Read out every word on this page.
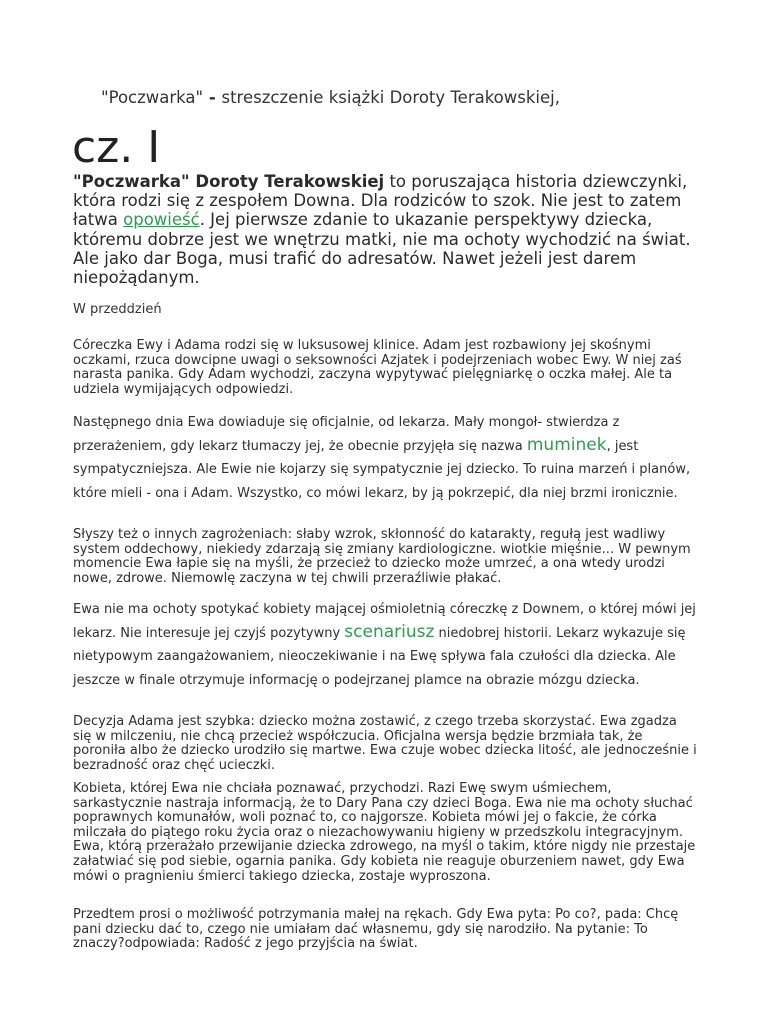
"Poczwarka" - streszczenie książki Doroty Terakowskiej,
cz. I

"Poczwarka" Doroty Terakowskiej to poruszająca historia dziewczynki, która rodzi się z zespołem Downa. Dla rodziców to szok. Nie jest to zatem łatwa opowieść. Jej pierwsze zdanie to ukazanie perspektywy dziecka, któremu dobrze jest we wnętrzu matki, nie ma ochoty wychodzić na świat. Ale jako dar Boga, musi trafić do adresatów. Nawet jeżeli jest darem niepożądanym.

W przeddzień

Córeczka Ewy i Adama rodzi się w luksusowej klinice. Adam jest rozbawiony jej skośnymi oczkami, rzuca dowcipne uwagi o seksowności Azjatek i podejrzeniach wobec Ewy. W niej zaś narasta panika. Gdy Adam wychodzi, zaczyna wypytywać pielęgniarkę o oczka małej. Ale ta udziela wymijających odpowiedzi.

Następnego dnia Ewa dowiaduje się oficjalnie, od lekarza. Mały mongoł- stwierdza z przerażeniem, gdy lekarz tłumaczy jej, że obecnie przyjęła się nazwa muminek, jest sympatyczniejsza. Ale Ewie nie kojarzy się sympatycznie jej dziecko. To ruina marzeń i planów, które mieli - ona i Adam. Wszystko, co mówi lekarz, by ją pokrzepić, dla niej brzmi ironicznie.

Słyszy też o innych zagrożeniach: słaby wzrok, skłonność do katarakty, regułą jest wadliwy system oddechowy, niekiedy zdarzają się zmiany kardiologiczne. wiotkie mięśnie... W pewnym momencie Ewa łapie się na myśli, że przecież to dziecko może umrzeć, a ona wtedy urodzi nowe, zdrowe. Niemowlę zaczyna w tej chwili przeraźliwie płakać.

Ewa nie ma ochoty spotykać kobiety mającej ośmioletnią córeczkę z Downem, o której mówi jej lekarz. Nie interesuje jej czyjś pozytywny scenariusz niedobrej historii. Lekarz wykazuje się nietypowym zaangażowaniem, nieoczekiwanie i na Ewę spływa fala czułości dla dziecka. Ale jeszcze w finale otrzymuje informację o podejrzanej plamce na obrazie mózgu dziecka.

Decyzja Adama jest szybka: dziecko można zostawić, z czego trzeba skorzystać. Ewa zgadza się w milczeniu, nie chcą przecież współczucia. Oficjalna wersja będzie brzmiała tak, że poroniła albo że dziecko urodziło się martwe. Ewa czuje wobec dziecka litość, ale jednocześnie i bezradność oraz chęć ucieczki.

Kobieta, której Ewa nie chciała poznawać, przychodzi. Razi Ewę swym uśmiechem, sarkastycznie nastraja informacją, że to Dary Pana czy dzieci Boga. Ewa nie ma ochoty słuchać poprawnych komunałów, woli poznać to, co najgorsze. Kobieta mówi jej o fakcie, że córka milczała do piątego roku życia oraz o niezachowywaniu higieny w przedszkolu integracyjnym. Ewa, którą przerażało przewijanie dziecka zdrowego, na myśl o takim, które nigdy nie przestaje załatwiać się pod siebie, ogarnia panika. Gdy kobieta nie reaguje oburzeniem nawet, gdy Ewa mówi o pragnieniu śmierci takiego dziecka, zostaje wyproszona.

Przedtem prosi o możliwość potrzymania małej na rękach. Gdy Ewa pyta: Po co?, pada: Chcę pani dziecku dać to, czego nie umiałam dać własnemu, gdy się narodziło. Na pytanie: To znaczy?odpowiada: Radość z jego przyjścia na świat.
